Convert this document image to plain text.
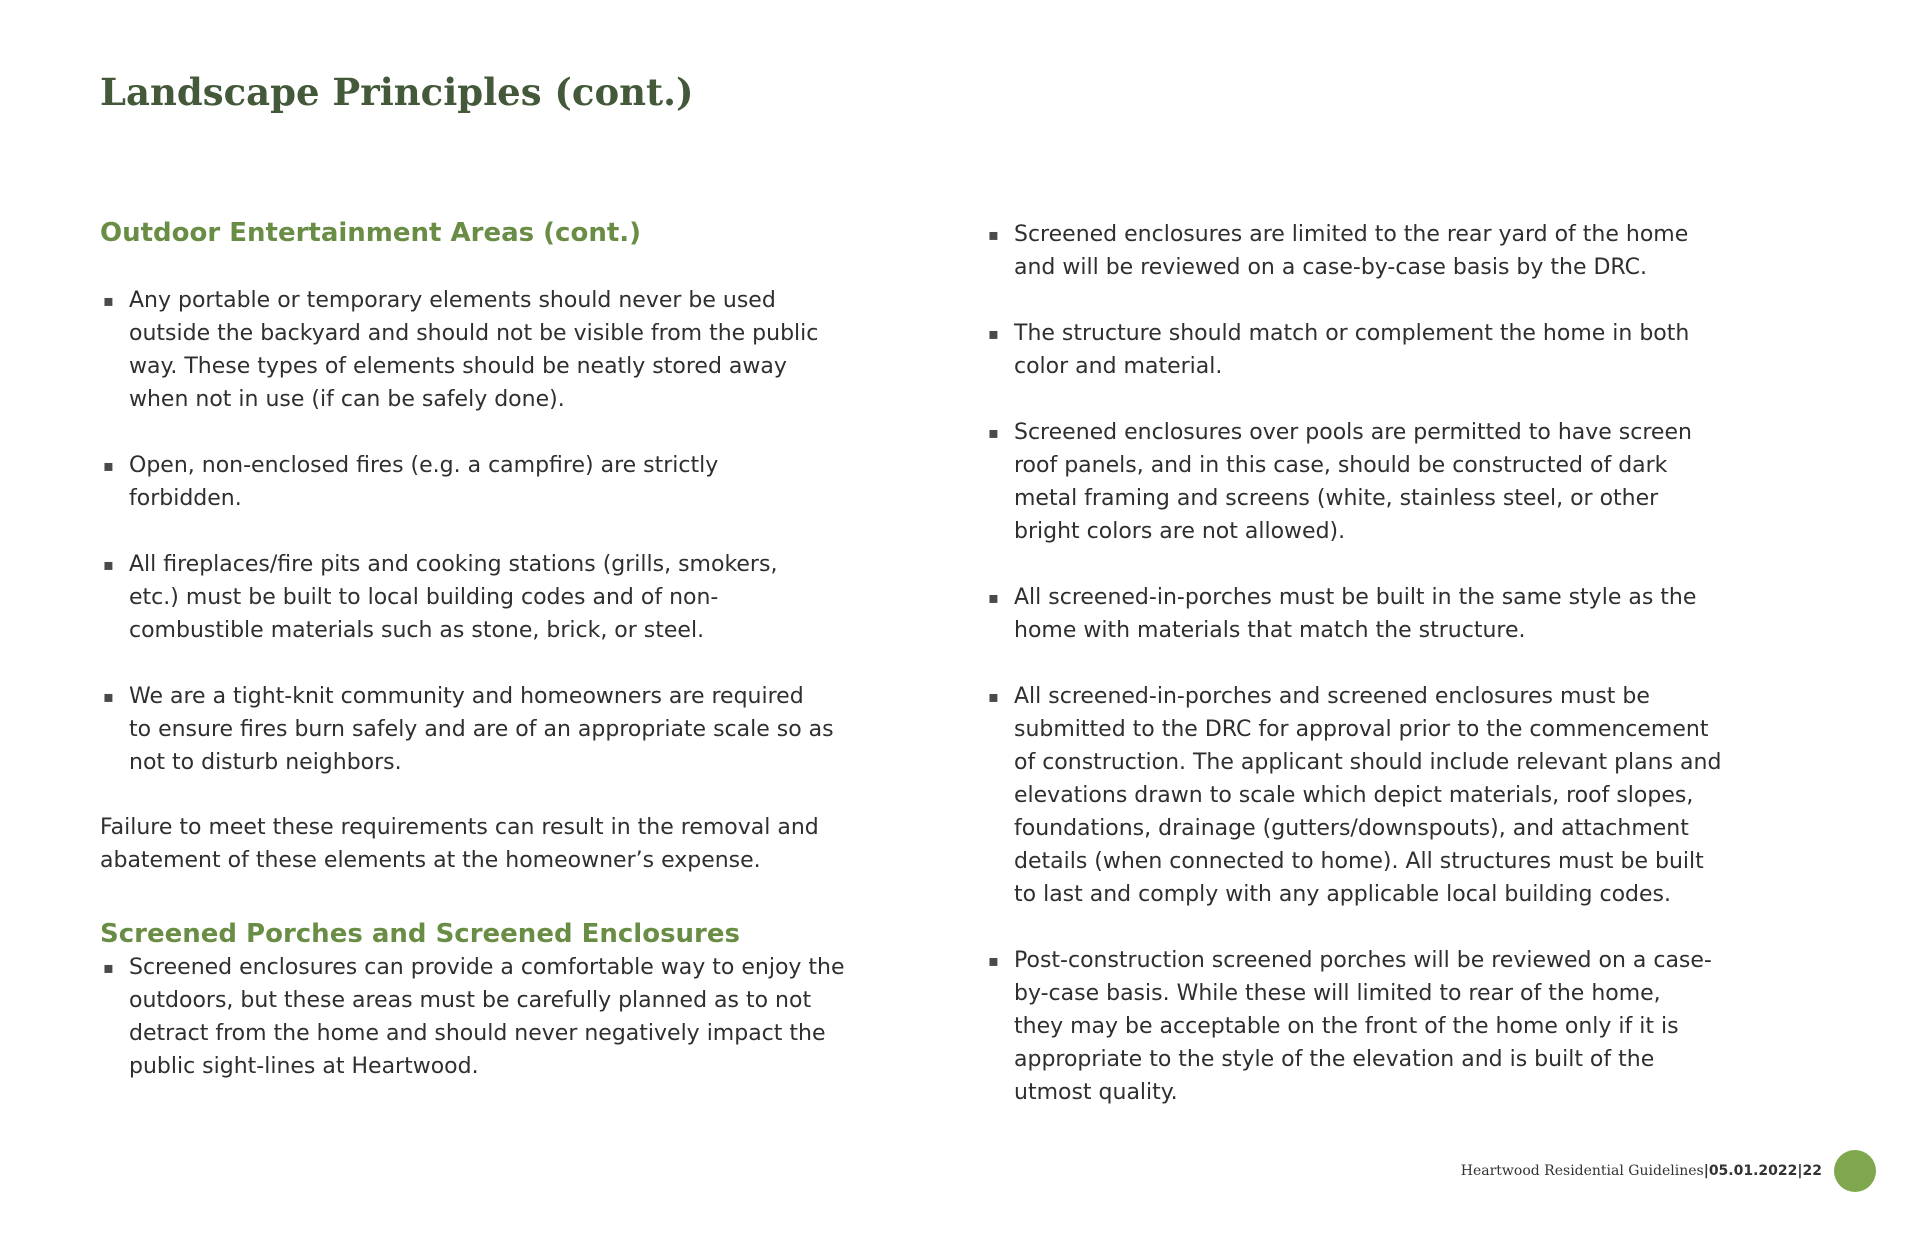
Landscape Principles (cont.)
Outdoor Entertainment Areas (cont.)
▪ Any portable or temporary elements should never be used
outside the backyard and should not be visible from the public
way. These types of elements should be neatly stored away
when not in use (if can be safely done).
▪ Open, non-enclosed fires (e.g. a campfire) are strictly
forbidden.
▪ All fireplaces/fire pits and cooking stations (grills, smokers,
etc.) must be built to local building codes and of non-
combustible materials such as stone, brick, or steel.
▪ We are a tight-knit community and homeowners are required
to ensure fires burn safely and are of an appropriate scale so as
not to disturb neighbors.
Failure to meet these requirements can result in the removal and
abatement of these elements at the homeowner’s expense.
Screened Porches and Screened Enclosures
▪ Screened enclosures can provide a comfortable way to enjoy the
outdoors, but these areas must be carefully planned as to not
detract from the home and should never negatively impact the
public sight-lines at Heartwood.
▪ Screened enclosures are limited to the rear yard of the home
and will be reviewed on a case-by-case basis by the DRC.
▪ The structure should match or complement the home in both
color and material.
▪ Screened enclosures over pools are permitted to have screen
roof panels, and in this case, should be constructed of dark
metal framing and screens (white, stainless steel, or other
bright colors are not allowed).
▪ All screened-in-porches must be built in the same style as the
home with materials that match the structure.
▪ All screened-in-porches and screened enclosures must be
submitted to the DRC for approval prior to the commencement
of construction. The applicant should include relevant plans and
elevations drawn to scale which depict materials, roof slopes,
foundations, drainage (gutters/downspouts), and attachment
details (when connected to home). All structures must be built
to last and comply with any applicable local building codes.
▪ Post-construction screened porches will be reviewed on a case-
by-case basis. While these will limited to rear of the home,
they may be acceptable on the front of the home only if it is
appropriate to the style of the elevation and is built of the
utmost quality.
Heartwood Residential Guidelines | 05.01.2022 | 22
